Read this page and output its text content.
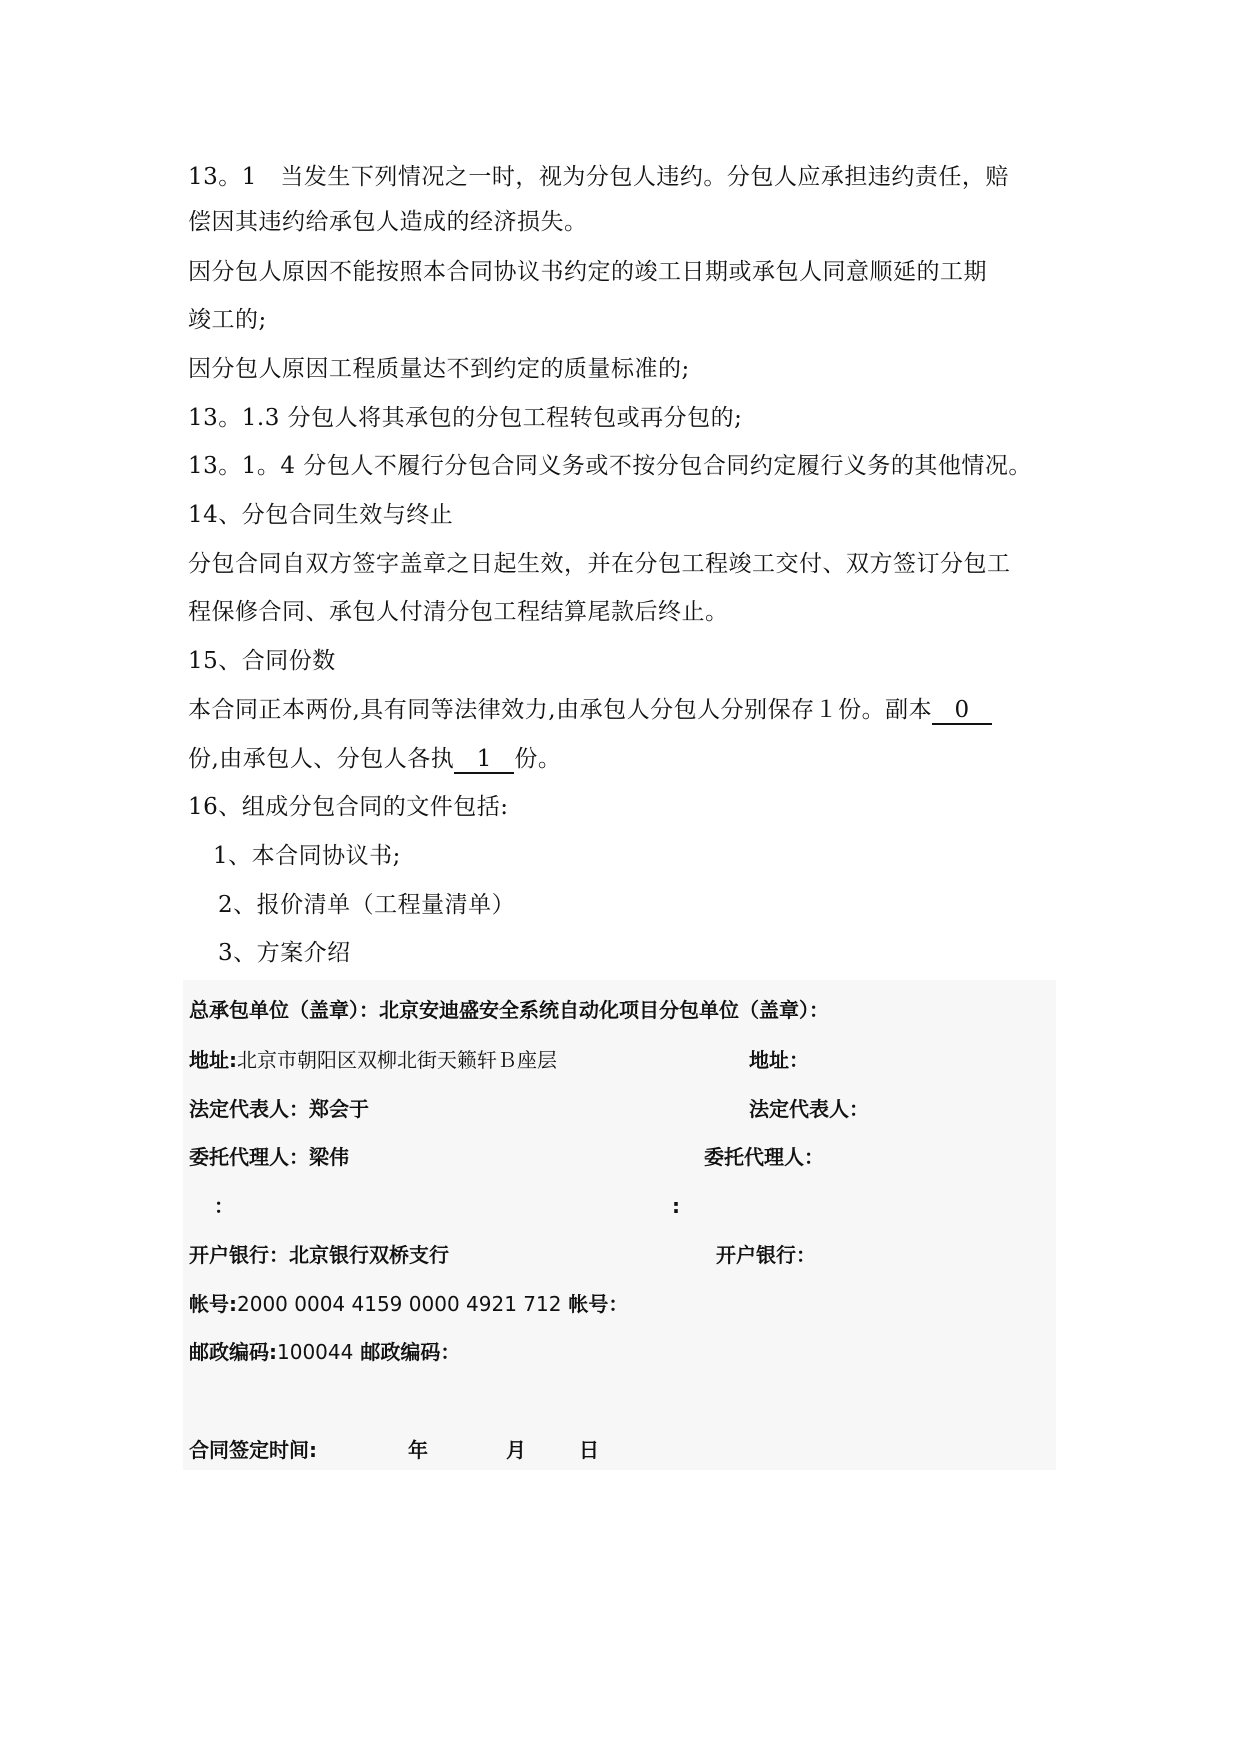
13。1　当发生下列情况之一时，视为分包人违约。分包人应承担违约责任，赔
偿因其违约给承包人造成的经济损失。
因分包人原因不能按照本合同协议书约定的竣工日期或承包人同意顺延的工期
竣工的;
因分包人原因工程质量达不到约定的质量标准的;
13。1.3 分包人将其承包的分包工程转包或再分包的;
13。1。4 分包人不履行分包合同义务或不按分包合同约定履行义务的其他情况。
14、分包合同生效与终止
分包合同自双方签字盖章之日起生效，并在分包工程竣工交付、双方签订分包工
程保修合同、承包人付清分包工程结算尾款后终止。
15、合同份数
本合同正本两份,具有同等法律效力,由承包人分包人分别保存１份。副本 0
份,由承包人、分包人各执 1 份。
16、组成分包合同的文件包括:
1、本合同协议书;
2、报价清单（工程量清单）
3、方案介绍
总承包单位（盖章）：北京安迪盛安全系统自动化项目分包单位（盖章）：
地址:北京市朝阳区双柳北街天籁轩Ｂ座层	地址：
法定代表人：郑会于	法定代表人：
委托代理人：梁伟	委托代理人：
：	:
开户银行：北京银行双桥支行	开户银行：
帐号:2000 0004 4159 0000 4921 712 帐号：
邮政编码:100044 邮政编码：
合同签定时间:	年	月	日
